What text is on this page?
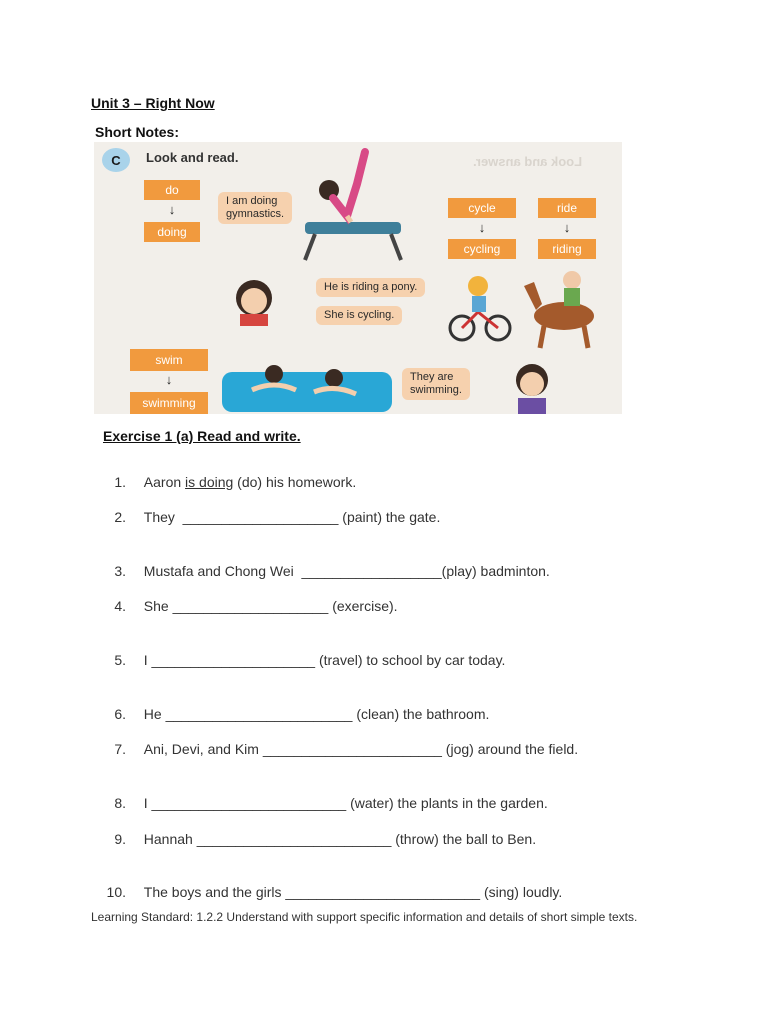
Unit 3 – Right Now
Short Notes:
Look and answer.
C	Look and read.
do
↓
doing
I am doing
gymnastics.	cycle
↓
cycling
ride
↓
riding
He is riding a pony.
She is cycling.
swim
↓
swimming
They are
swimming.
Exercise 1 (a) Read and write.

1. Aaron is doing (do) his homework.

2. They  ____________________ (paint) the gate.

3. Mustafa and Chong Wei  __________________(play) badminton.

4. She ____________________ (exercise).

5. I _____________________ (travel) to school by car today.

6. He ________________________ (clean) the bathroom.

7. Ani, Devi, and Kim _______________________ (jog) around the field.

8. I _________________________ (water) the plants in the garden.

9. Hannah _________________________ (throw) the ball to Ben.

10. The boys and the girls _________________________ (sing) loudly.

Learning Standard: 1.2.2 Understand with support specific information and details of short simple texts.
